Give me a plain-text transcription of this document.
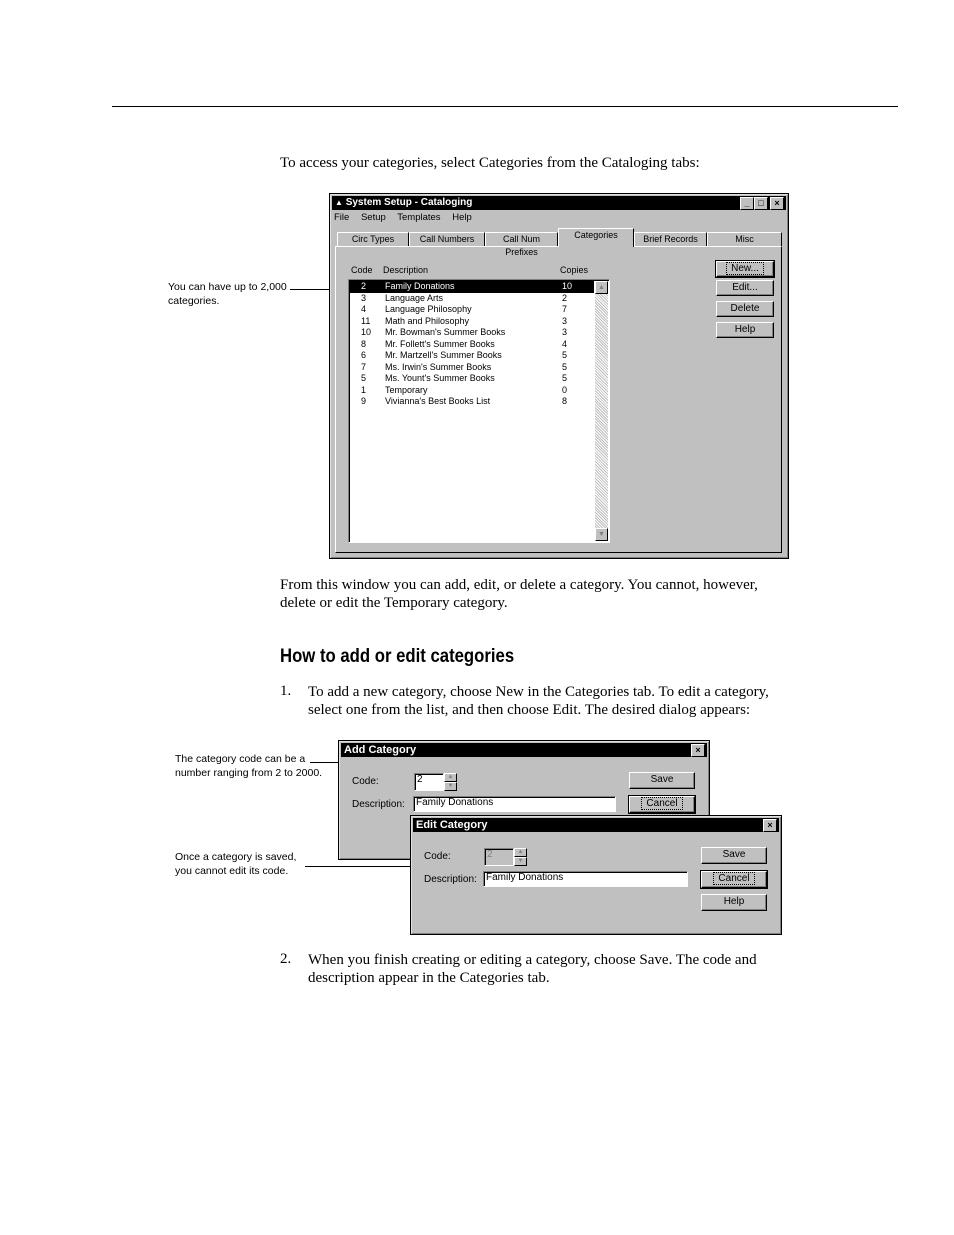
To access your categories, select Categories from the Cataloging tabs:
You can have up to 2,000
categories.
▲ System Setup - Cataloging	_ □	×
File Setup Templates Help
Circ Types	Call Numbers	Call Num Prefixes
Categories	Brief Records	Misc
Code Description	Copies
2 Family Donations	10
3 Language Arts	2
4 Language Philosophy	7
11 Math and Philosophy	3
10 Mr. Bowman's Summer Books	3
8 Mr. Follett's Summer Books	4
6 Mr. Martzell's Summer Books	5
7 Ms. Irwin's Summer Books	5
5 Ms. Yount's Summer Books	5
1 Temporary	0
9 Vivianna's Best Books List	8
▲
▼
New...
Edit...
Delete
Help
From this window you can add, edit, or delete a category. You cannot, however,
delete or edit the Temporary category.
How to add or edit categories
1. To add a new category, choose New in the Categories tab. To edit a category,
select one from the list, and then choose Edit. The desired dialog appears:
The category code can be a
number ranging from 2 to 2000.
Once a category is saved,
you cannot edit its code.
Add Category	×
Code:	2	▲
▼
Description:	Family Donations
Save
Cancel
Edit Category	×
Code:	2	▲
▼
Description: Family Donations
Save
Cancel
Help
2. When you finish creating or editing a category, choose Save. The code and
description appear in the Categories tab.
